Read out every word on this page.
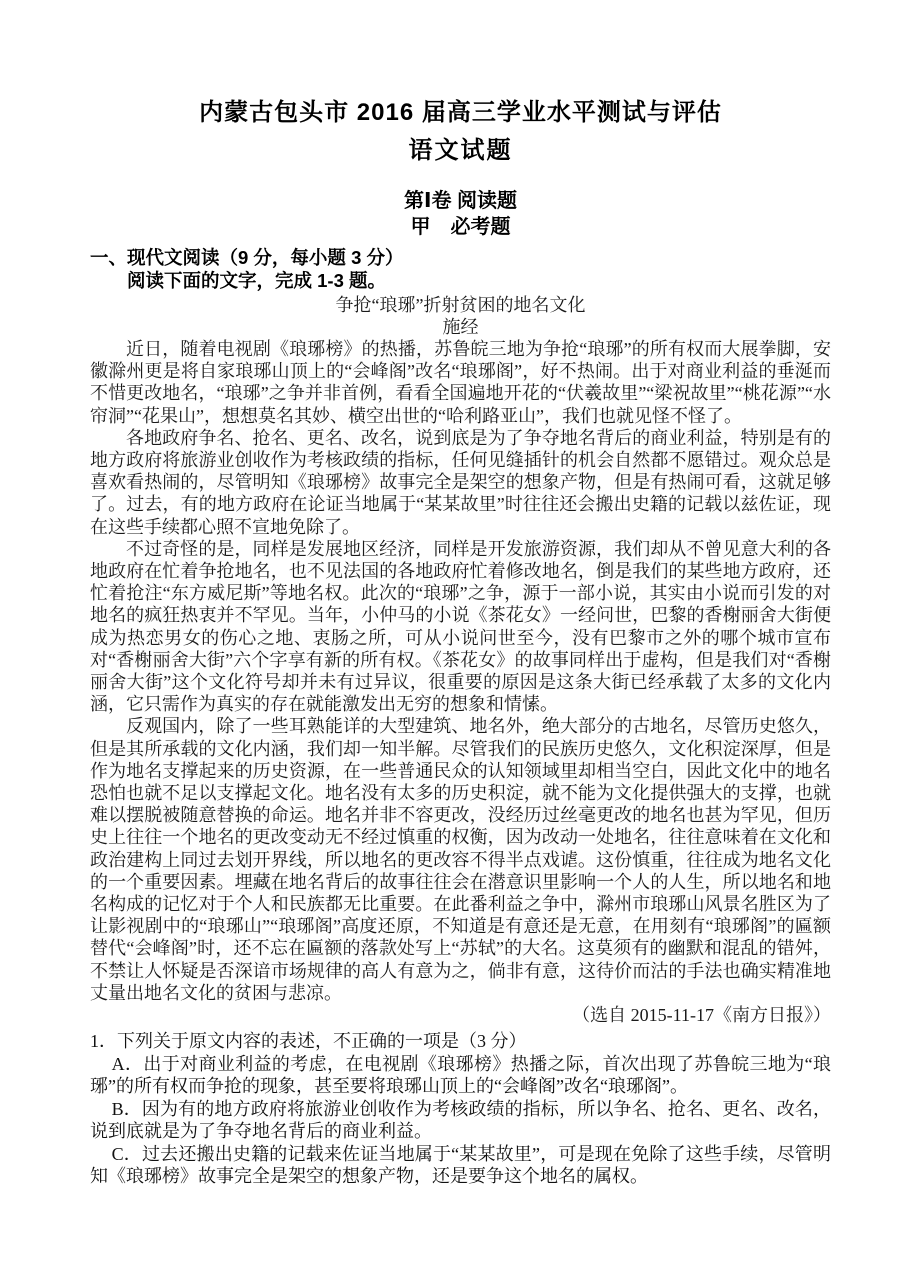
内蒙古包头市 2016 届高三学业水平测试与评估
语文试题
第Ⅰ卷 阅读题
甲　必考题
一、现代文阅读（9 分，每小题 3 分）
阅读下面的文字，完成 1-3 题。
争抢“琅琊”折射贫困的地名文化
施经

近日，随着电视剧《琅琊榜》的热播，苏鲁皖三地为争抢“琅琊”的所有权而大展拳脚，安徽滁州更是将自家琅琊山顶上的“会峰阁”改名“琅琊阁”，好不热闹。出于对商业利益的垂涎而不惜更改地名，“琅琊”之争并非首例，看看全国遍地开花的“伏羲故里”“梁祝故里”“桃花源”“水帘洞”“花果山”，想想莫名其妙、横空出世的“哈利路亚山”，我们也就见怪不怪了。

各地政府争名、抢名、更名、改名，说到底是为了争夺地名背后的商业利益，特别是有的地方政府将旅游业创收作为考核政绩的指标，任何见缝插针的机会自然都不愿错过。观众总是喜欢看热闹的，尽管明知《琅琊榜》故事完全是架空的想象产物，但是有热闹可看，这就足够了。过去，有的地方政府在论证当地属于“某某故里”时往往还会搬出史籍的记载以兹佐证，现在这些手续都心照不宣地免除了。

不过奇怪的是，同样是发展地区经济，同样是开发旅游资源，我们却从不曾见意大利的各地政府在忙着争抢地名，也不见法国的各地政府忙着修改地名，倒是我们的某些地方政府，还忙着抢注“东方威尼斯”等地名权。此次的“琅琊”之争，源于一部小说，其实由小说而引发的对地名的疯狂热衷并不罕见。当年，小仲马的小说《茶花女》一经问世，巴黎的香榭丽舍大街便成为热恋男女的伤心之地、衷肠之所，可从小说问世至今，没有巴黎市之外的哪个城市宣布对“香榭丽舍大街”六个字享有新的所有权。《茶花女》的故事同样出于虚构，但是我们对“香榭丽舍大街”这个文化符号却并未有过异议，很重要的原因是这条大街已经承载了太多的文化内涵，它只需作为真实的存在就能激发出无穷的想象和情愫。

反观国内，除了一些耳熟能详的大型建筑、地名外，绝大部分的古地名，尽管历史悠久，但是其所承载的文化内涵，我们却一知半解。尽管我们的民族历史悠久，文化积淀深厚，但是作为地名支撑起来的历史资源，在一些普通民众的认知领域里却相当空白，因此文化中的地名恐怕也就不足以支撑起文化。地名没有太多的历史积淀，就不能为文化提供强大的支撑，也就难以摆脱被随意替换的命运。地名并非不容更改，没经历过丝毫更改的地名也甚为罕见，但历史上往往一个地名的更改变动无不经过慎重的权衡，因为改动一处地名，往往意味着在文化和政治建构上同过去划开界线，所以地名的更改容不得半点戏谑。这份慎重，往往成为地名文化的一个重要因素。埋藏在地名背后的故事往往会在潜意识里影响一个人的人生，所以地名和地名构成的记忆对于个人和民族都无比重要。在此番利益之争中，滁州市琅琊山风景名胜区为了让影视剧中的“琅琊山”“琅琊阁”高度还原，不知道是有意还是无意，在用刻有“琅琊阁”的匾额替代“会峰阁”时，还不忘在匾额的落款处写上“苏轼”的大名。这莫须有的幽默和混乱的错舛，不禁让人怀疑是否深谙市场规律的高人有意为之，倘非有意，这待价而沽的手法也确实精准地丈量出地名文化的贫困与悲凉。

（选自 2015-11-17《南方日报》）

1．下列关于原文内容的表述，不正确的一项是（3 分）

A．出于对商业利益的考虑，在电视剧《琅琊榜》热播之际，首次出现了苏鲁皖三地为“琅琊”的所有权而争抢的现象，甚至要将琅琊山顶上的“会峰阁”改名“琅琊阁”。

B．因为有的地方政府将旅游业创收作为考核政绩的指标，所以争名、抢名、更名、改名，说到底就是为了争夺地名背后的商业利益。

C．过去还搬出史籍的记载来佐证当地属于“某某故里”，可是现在免除了这些手续，尽管明知《琅琊榜》故事完全是架空的想象产物，还是要争这个地名的属权。
